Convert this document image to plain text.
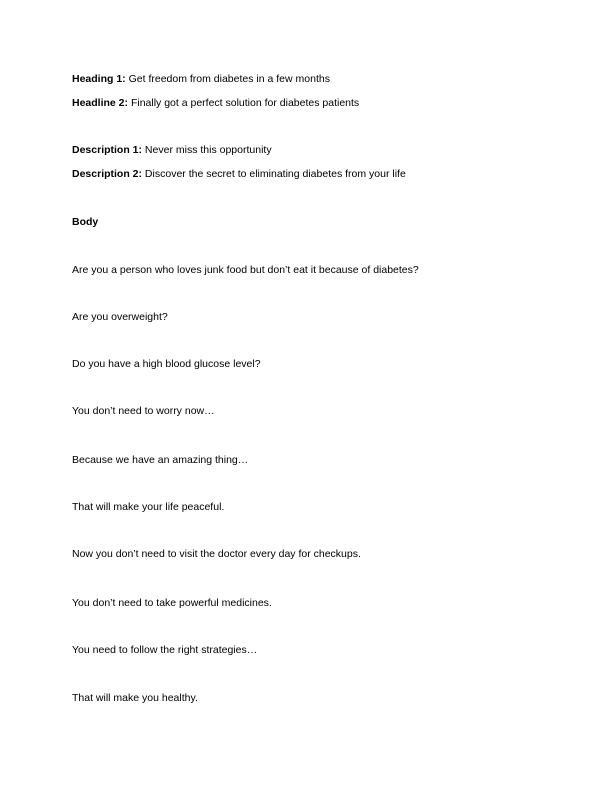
Heading 1: Get freedom from diabetes in a few months
Headline 2: Finally got a perfect solution for diabetes patients
Description 1: Never miss this opportunity
Description 2: Discover the secret to eliminating diabetes from your life
Body
Are you a person who loves junk food but don’t eat it because of diabetes?
Are you overweight?
Do you have a high blood glucose level?
You don’t need to worry now…
Because we have an amazing thing…
That will make your life peaceful.
Now you don’t need to visit the doctor every day for checkups.
You don’t need to take powerful medicines.
You need to follow the right strategies…
That will make you healthy.
